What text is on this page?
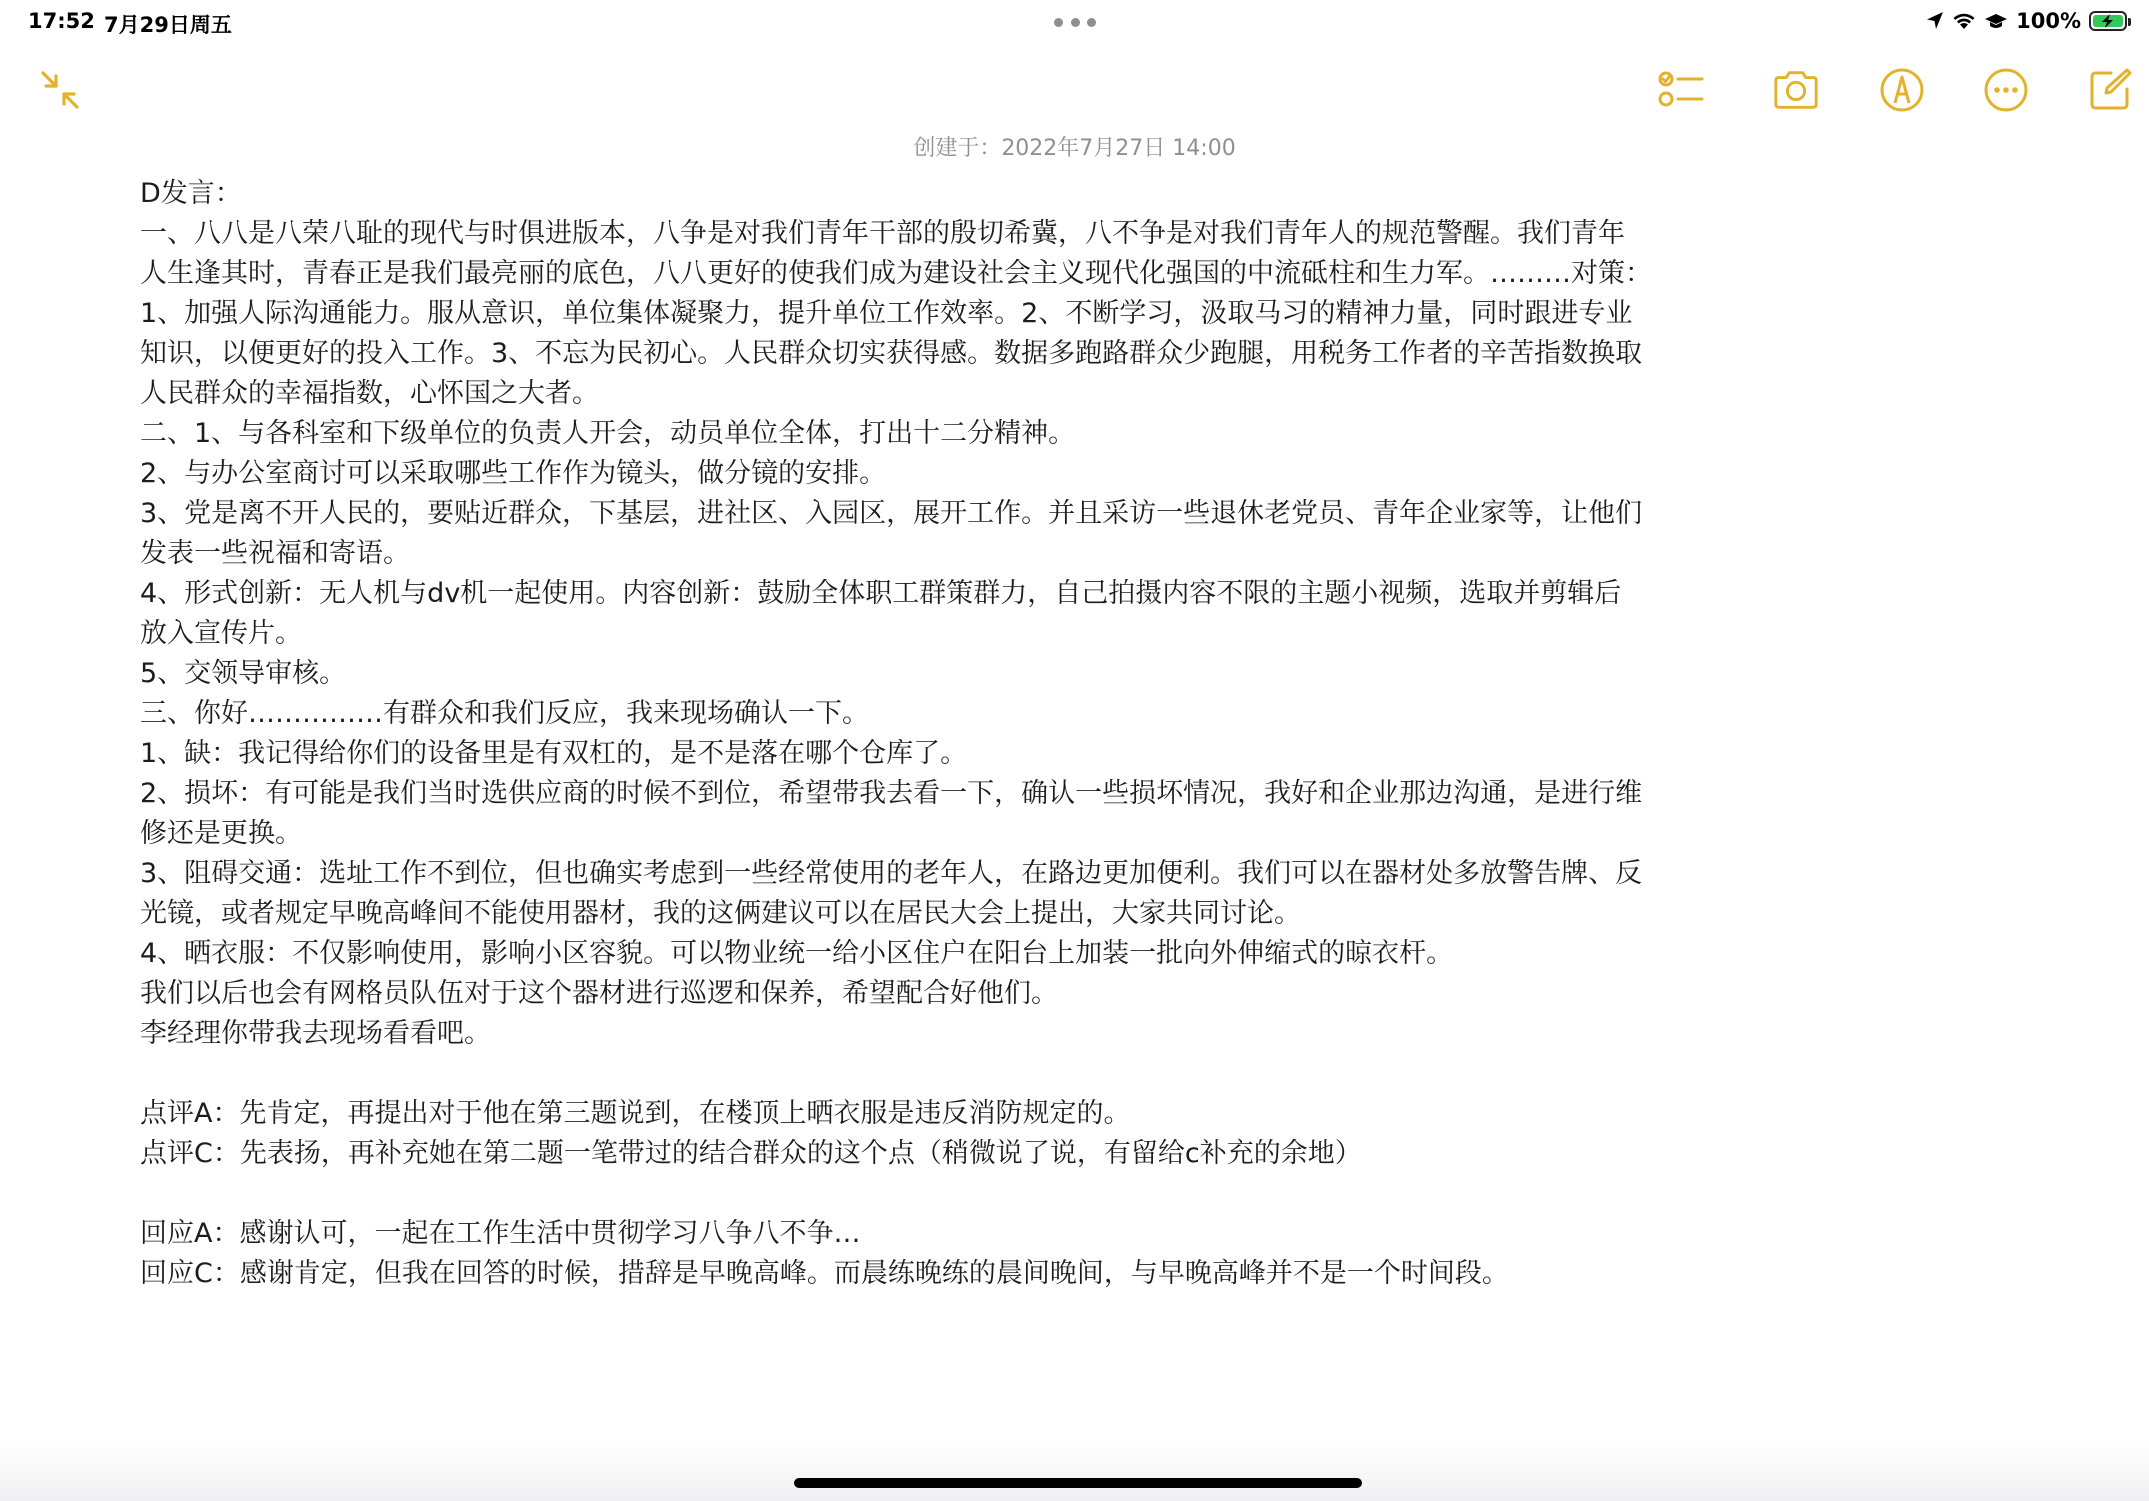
17:52 7月29日周五	100%
创建于：2022年7月27日 14:00
D发言：
一、八八是八荣八耻的现代与时俱进版本，八争是对我们青年干部的殷切希冀，八不争是对我们青年人的规范警醒。我们青年
人生逢其时，青春正是我们最亮丽的底色，八八更好的使我们成为建设社会主义现代化强国的中流砥柱和生力军。………对策：
1、加强人际沟通能力。服从意识，单位集体凝聚力，提升单位工作效率。2、不断学习，汲取马习的精神力量，同时跟进专业
知识，以便更好的投入工作。3、不忘为民初心。人民群众切实获得感。数据多跑路群众少跑腿，用税务工作者的辛苦指数换取
人民群众的幸福指数，心怀国之大者。
二、1、与各科室和下级单位的负责人开会，动员单位全体，打出十二分精神。
2、与办公室商讨可以采取哪些工作作为镜头，做分镜的安排。
3、党是离不开人民的，要贴近群众，下基层，进社区、入园区，展开工作。并且采访一些退休老党员、青年企业家等，让他们
发表一些祝福和寄语。
4、形式创新：无人机与dv机一起使用。内容创新：鼓励全体职工群策群力，自己拍摄内容不限的主题小视频，选取并剪辑后
放入宣传片。
5、交领导审核。
三、你好……………有群众和我们反应，我来现场确认一下。
1、缺：我记得给你们的设备里是有双杠的，是不是落在哪个仓库了。
2、损坏：有可能是我们当时选供应商的时候不到位，希望带我去看一下，确认一些损坏情况，我好和企业那边沟通，是进行维
修还是更换。
3、阻碍交通：选址工作不到位，但也确实考虑到一些经常使用的老年人，在路边更加便利。我们可以在器材处多放警告牌、反
光镜，或者规定早晚高峰间不能使用器材，我的这俩建议可以在居民大会上提出，大家共同讨论。
4、晒衣服：不仅影响使用，影响小区容貌。可以物业统一给小区住户在阳台上加装一批向外伸缩式的晾衣杆。
我们以后也会有网格员队伍对于这个器材进行巡逻和保养，希望配合好他们。
李经理你带我去现场看看吧。
点评A：先肯定，再提出对于他在第三题说到，在楼顶上晒衣服是违反消防规定的。
点评C：先表扬，再补充她在第二题一笔带过的结合群众的这个点（稍微说了说，有留给c补充的余地）
回应A：感谢认可，一起在工作生活中贯彻学习八争八不争…
回应C：感谢肯定，但我在回答的时候，措辞是早晚高峰。而晨练晚练的晨间晚间，与早晚高峰并不是一个时间段。
